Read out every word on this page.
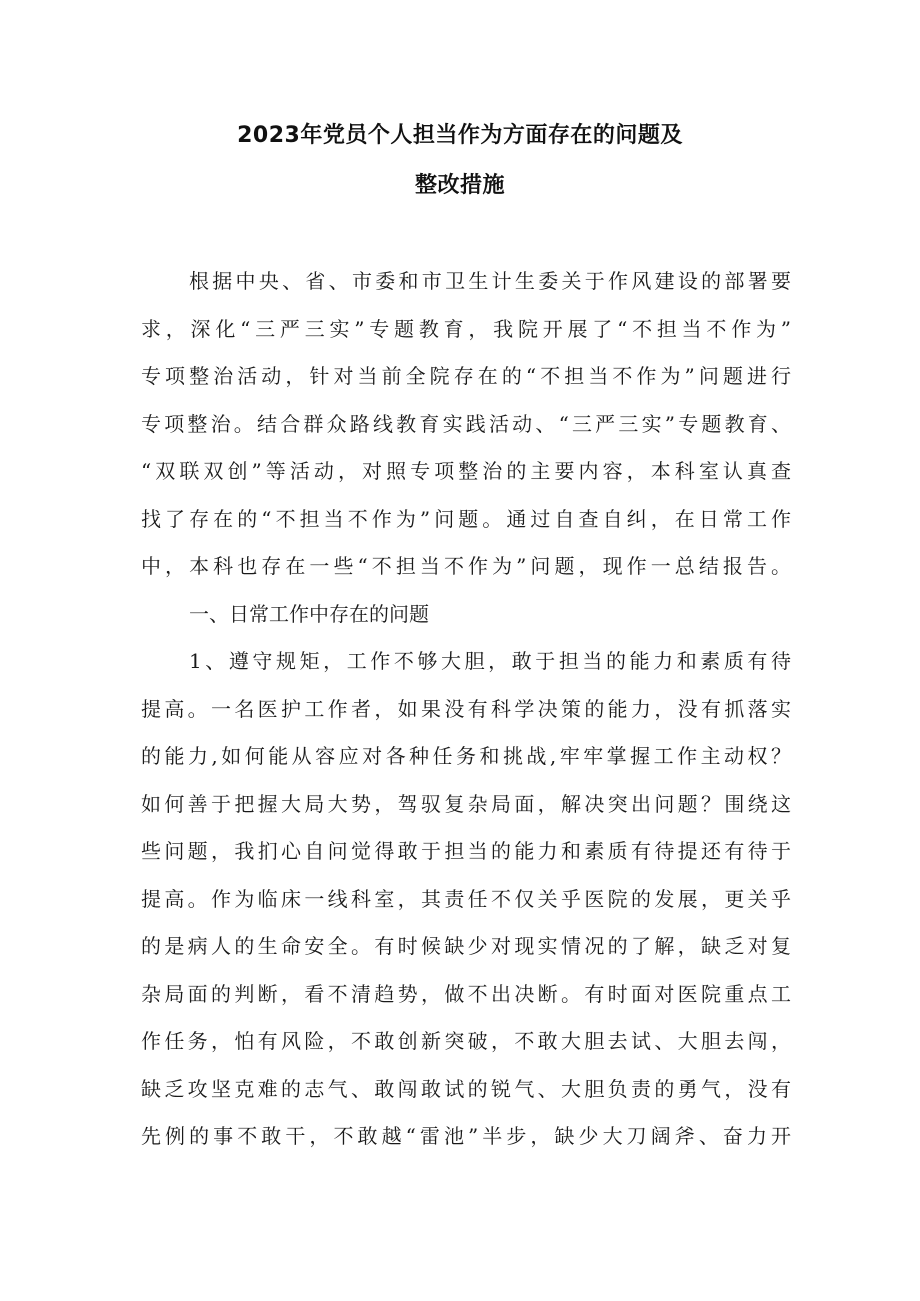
2023年党员个人担当作为方面存在的问题及
整改措施
根据中央、省、市委和市卫生计生委关于作风建设的部署要
求，深化“三严三实”专题教育，我院开展了“不担当不作为”
专项整治活动，针对当前全院存在的“不担当不作为”问题进行
专项整治。结合群众路线教育实践活动、“三严三实”专题教育、
“双联双创”等活动，对照专项整治的主要内容，本科室认真查
找了存在的“不担当不作为”问题。通过自查自纠，在日常工作
中，本科也存在一些“不担当不作为”问题，现作一总结报告。
一、日常工作中存在的问题
1、遵守规矩，工作不够大胆，敢于担当的能力和素质有待
提高。一名医护工作者，如果没有科学决策的能力，没有抓落实
的能力,如何能从容应对各种任务和挑战,牢牢掌握工作主动权？
如何善于把握大局大势，驾驭复杂局面，解决突出问题？围绕这
些问题，我扪心自问觉得敢于担当的能力和素质有待提还有待于
提高。作为临床一线科室，其责任不仅关乎医院的发展，更关乎
的是病人的生命安全。有时候缺少对现实情况的了解，缺乏对复
杂局面的判断，看不清趋势，做不出决断。有时面对医院重点工
作任务，怕有风险，不敢创新突破，不敢大胆去试、大胆去闯，
缺乏攻坚克难的志气、敢闯敢试的锐气、大胆负责的勇气，没有
先例的事不敢干，不敢越“雷池”半步，缺少大刀阔斧、奋力开
